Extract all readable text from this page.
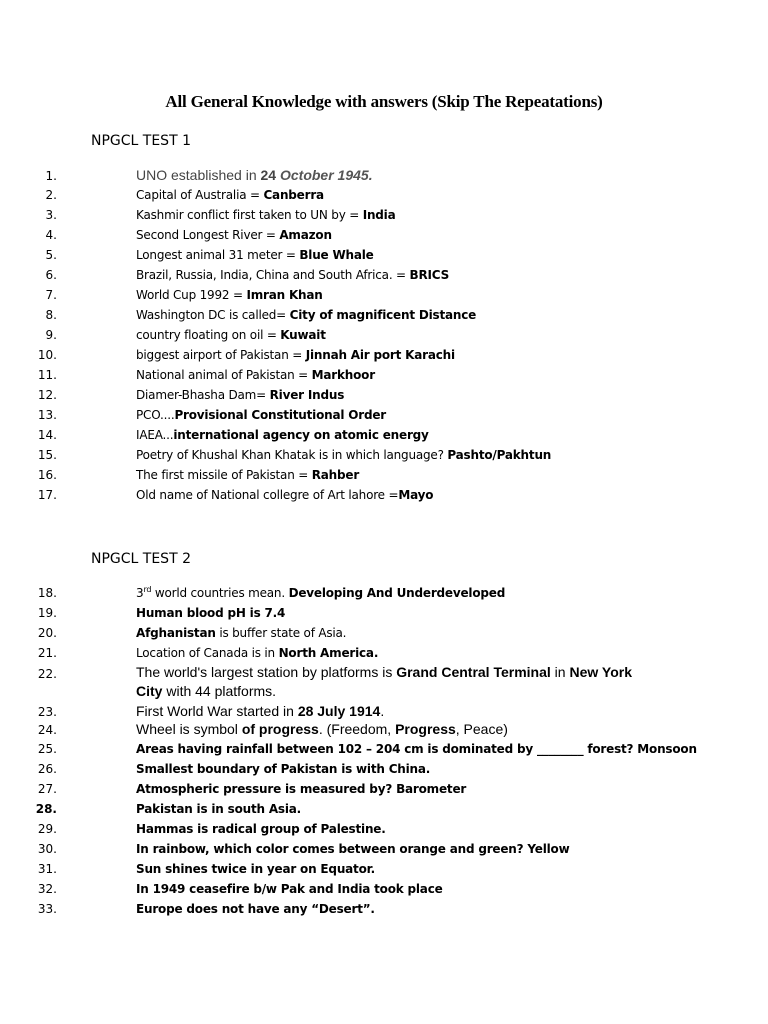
All General Knowledge with answers (Skip The Repeatations)
NPGCL TEST 1
1.	UNO established in 24 October 1945.
2.	Capital of Australia = Canberra
3.	Kashmir conflict first taken to UN by = India
4.	Second Longest River = Amazon
5.	Longest animal 31 meter = Blue Whale
6.	Brazil, Russia, India, China and South Africa. = BRICS
7.	World Cup 1992 = Imran Khan
8.	Washington DC is called= City of magnificent Distance
9.	country floating on oil = Kuwait
10.	biggest airport of Pakistan = Jinnah Air port Karachi
11.	National animal of Pakistan = Markhoor
12.	Diamer-Bhasha Dam= River Indus
13.	PCO....Provisional Constitutional Order
14.	IAEA...international agency on atomic energy
15.	Poetry of Khushal Khan Khatak is in which language? Pashto/Pakhtun
16.	The first missile of Pakistan = Rahber
17.	Old name of National collegre of Art lahore =Mayo
NPGCL TEST 2
18.	3rd world countries mean. Developing And Underdeveloped
19.	Human blood pH is 7.4
20.	Afghanistan is buffer state of Asia.
21.	Location of Canada is in North America.
22.	The world's largest station by platforms is Grand Central Terminal in New York
City with 44 platforms.
23.	First World War started in 28 July 1914.
24.	Wheel is symbol of progress. (Freedom, Progress, Peace)
25.	Areas having rainfall between 102 – 204 cm is dominated by ________ forest? Monsoon
26.	Smallest boundary of Pakistan is with China.
27.	Atmospheric pressure is measured by? Barometer
28.	Pakistan is in south Asia.
29.	Hammas is radical group of Palestine.
30.	In rainbow, which color comes between orange and green? Yellow
31.	Sun shines twice in year on Equator.
32.	In 1949 ceasefire b/w Pak and India took place
33.	Europe does not have any “Desert”.
